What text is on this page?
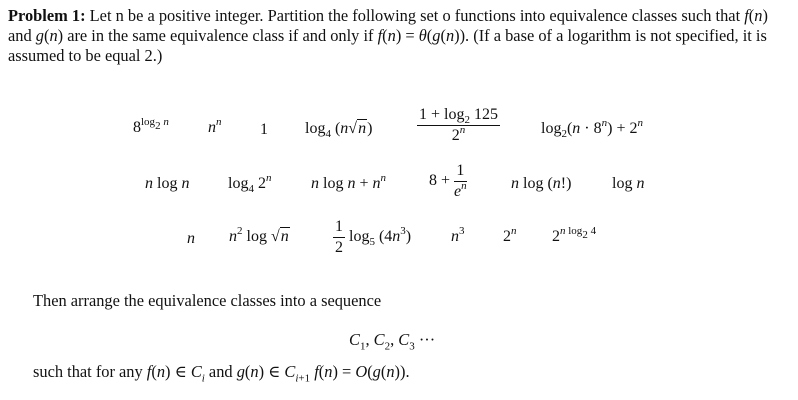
Problem 1: Let n be a positive integer. Partition the following set o functions into equivalence classes such that f(n) and g(n) are in the same equivalence class if and only if f(n) = θ(g(n)). (If a base of a logarithm is not specified, it is assumed to be equal 2.)
$8^{log_2 n}$ $n^n$ 1 $\log_4 (n√n)$	$\frac{1 + \log_2 125}{2^n}$	$\log_2(n \cdot 8^n) + 2^n$
n log n $\log_4 2^n$ n $\log n + n^n$	$8 + \frac{1}{e^n}$	n log (n!)	log n
n $n^2$ log √n	$\frac{1}{2} \log_5 (4n^3)$ $n^3$ 2$^n$ $2^{n log_2 4}$
Then arrange the equivalence classes into a sequence
$C_1$, $C_2$, $C_3$ ···
such that for any f(n) ∈ $C_i$ and g(n) ∈ $C_{i+1}$ f(n) = O(g(n)).
